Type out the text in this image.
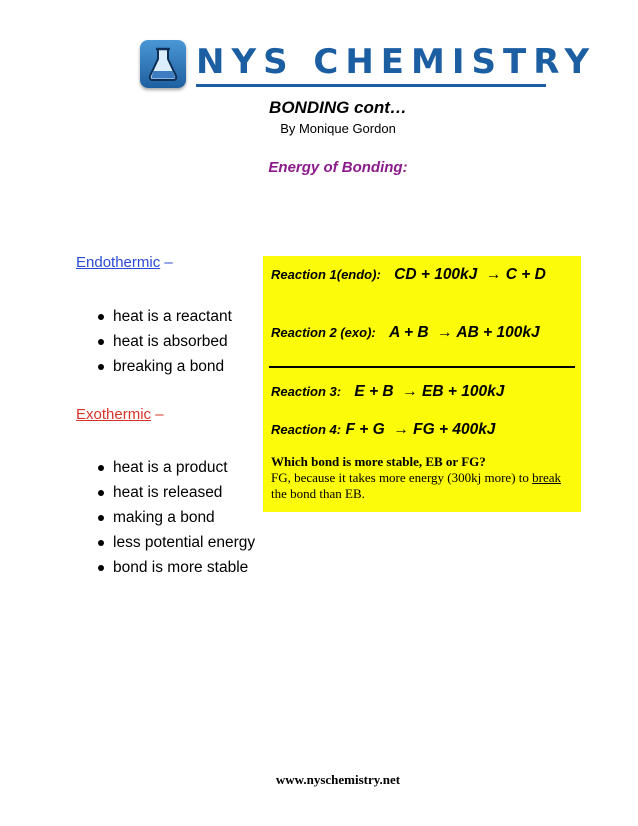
NYS CHEMISTRY
BONDING cont…
By Monique Gordon
Energy of Bonding:
Endothermic –
heat is a reactant
heat is absorbed
breaking a bond
Exothermic –
heat is a product
heat is released
making a bond
less potential energy
bond is more stable
Reaction 1(endo): CD + 100kJ  → C + D
Reaction 2 (exo): A + B  → AB + 100kJ
Reaction 3: E + B  → EB + 100kJ
Reaction 4: F + G  → FG + 400kJ
Which bond is more stable, EB or FG?
FG, because it takes more energy (300kj more) to break the bond than EB.
www.nyschemistry.net
